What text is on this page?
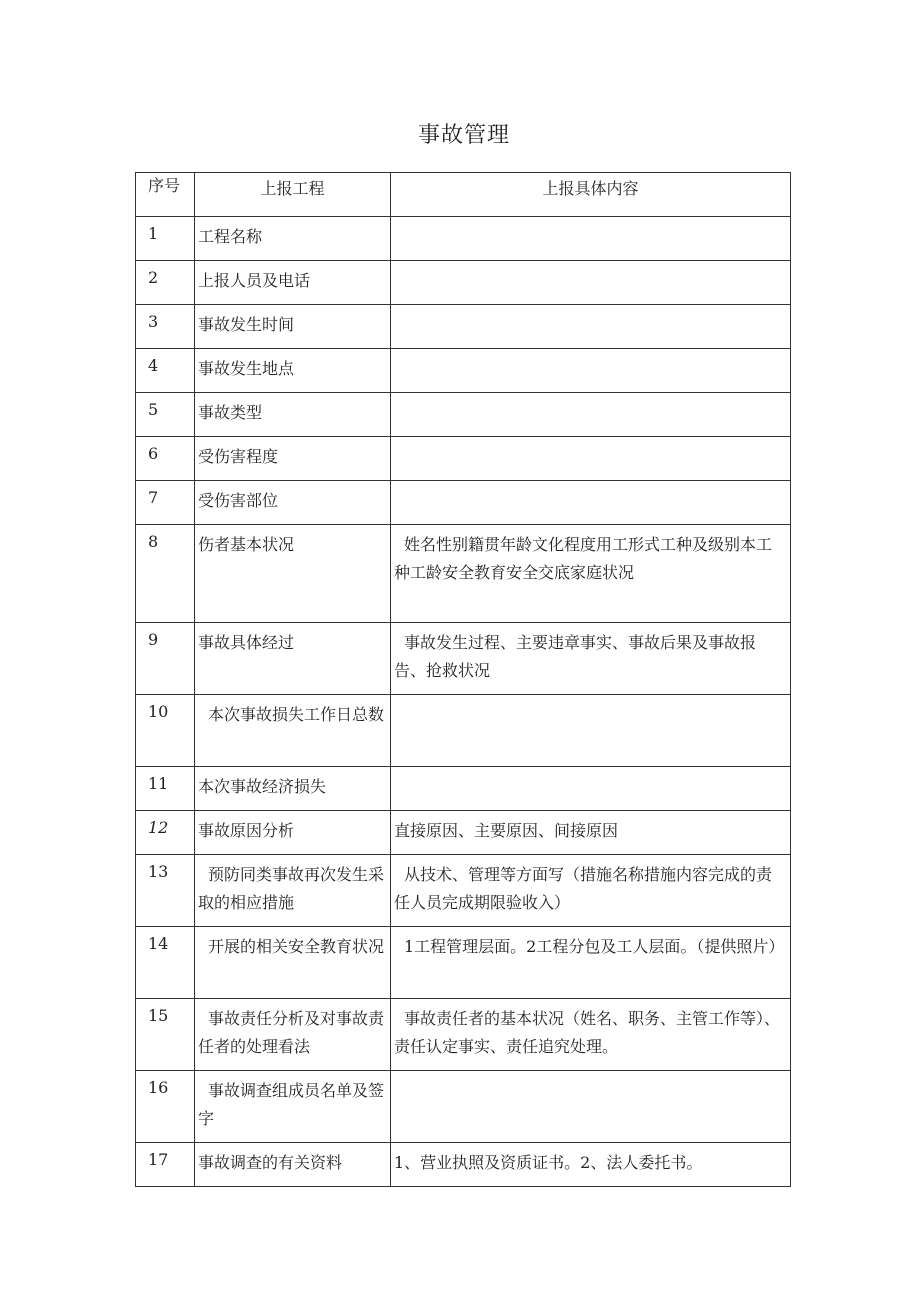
事故管理
序号	上报工程	上报具体内容
1	工程名称	
2	上报人员及电话	
3	事故发生时间	
4	事故发生地点	
5	事故类型	
6	受伤害程度	
7	受伤害部位	
8	伤者基本状况	姓名性别籍贯年龄文化程度用工形式工种及级别本工种工龄安全教育安全交底家庭状况
9	事故具体经过	事故发生过程、主要违章事实、事故后果及事故报告、抢救状况
10	本次事故损失工作日总数	
11	本次事故经济损失	
12	事故原因分析	直接原因、主要原因、间接原因
13	预防同类事故再次发生采取的相应措施	从技术、管理等方面写（措施名称措施内容完成的责任人员完成期限验收入）
14	开展的相关安全教育状况	1工程管理层面。2工程分包及工人层面。（提供照片）
15	事故责任分析及对事故责任者的处理看法	事故责任者的基本状况（姓名、职务、主管工作等）、责任认定事实、责任追究处理。
16	事故调查组成员名单及签字	
17	事故调查的有关资料	1、营业执照及资质证书。2、法人委托书。
